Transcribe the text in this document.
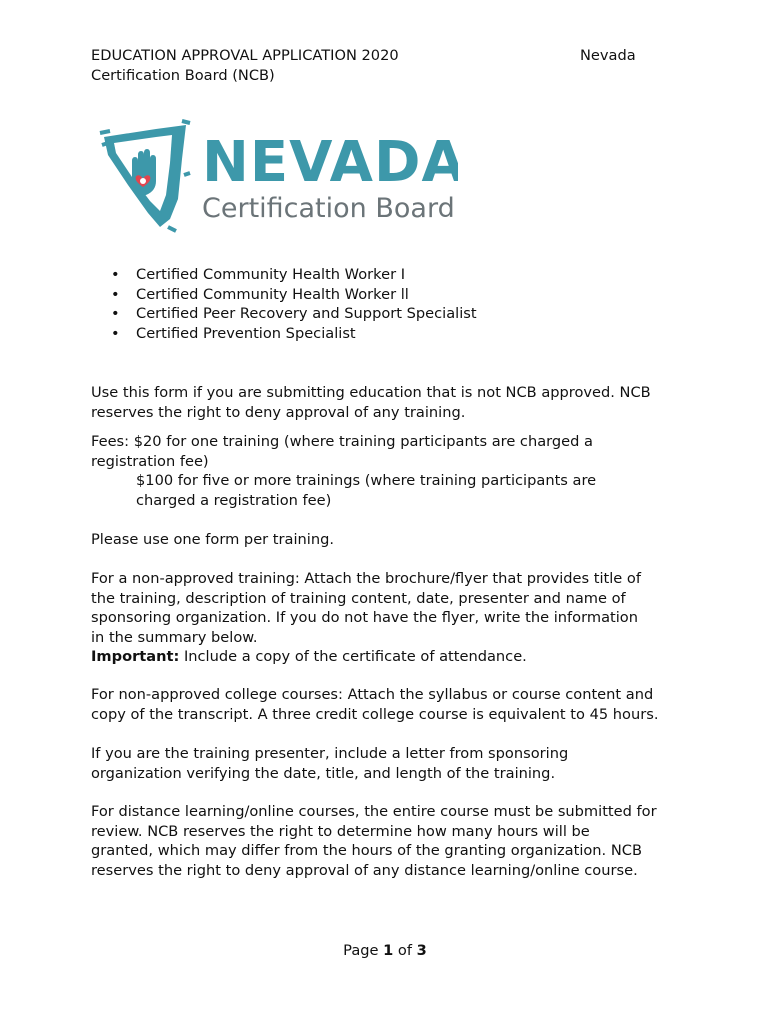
EDUCATION APPROVAL APPLICATION 2020
Certification Board (NCB)
Nevada
NEVADA
Certification Board
• Certified Community Health Worker I
• Certified Community Health Worker ll
• Certified Peer Recovery and Support Specialist
• Certified Prevention Specialist
Use this form if you are submitting education that is not NCB approved. NCB
reserves the right to deny approval of any training.
Fees: $20 for one training (where training participants are charged a
registration fee)
$100 for five or more trainings (where training participants are
charged a registration fee)
Please use one form per training.
For a non-approved training: Attach the brochure/flyer that provides title of
the training, description of training content, date, presenter and name of
sponsoring organization. If you do not have the flyer, write the information
in the summary below.
Important: Include a copy of the certificate of attendance.
For non-approved college courses: Attach the syllabus or course content and
copy of the transcript. A three credit college course is equivalent to 45 hours.
If you are the training presenter, include a letter from sponsoring
organization verifying the date, title, and length of the training.
For distance learning/online courses, the entire course must be submitted for
review. NCB reserves the right to determine how many hours will be
granted, which may differ from the hours of the granting organization. NCB
reserves the right to deny approval of any distance learning/online course.
Page 1 of 3
